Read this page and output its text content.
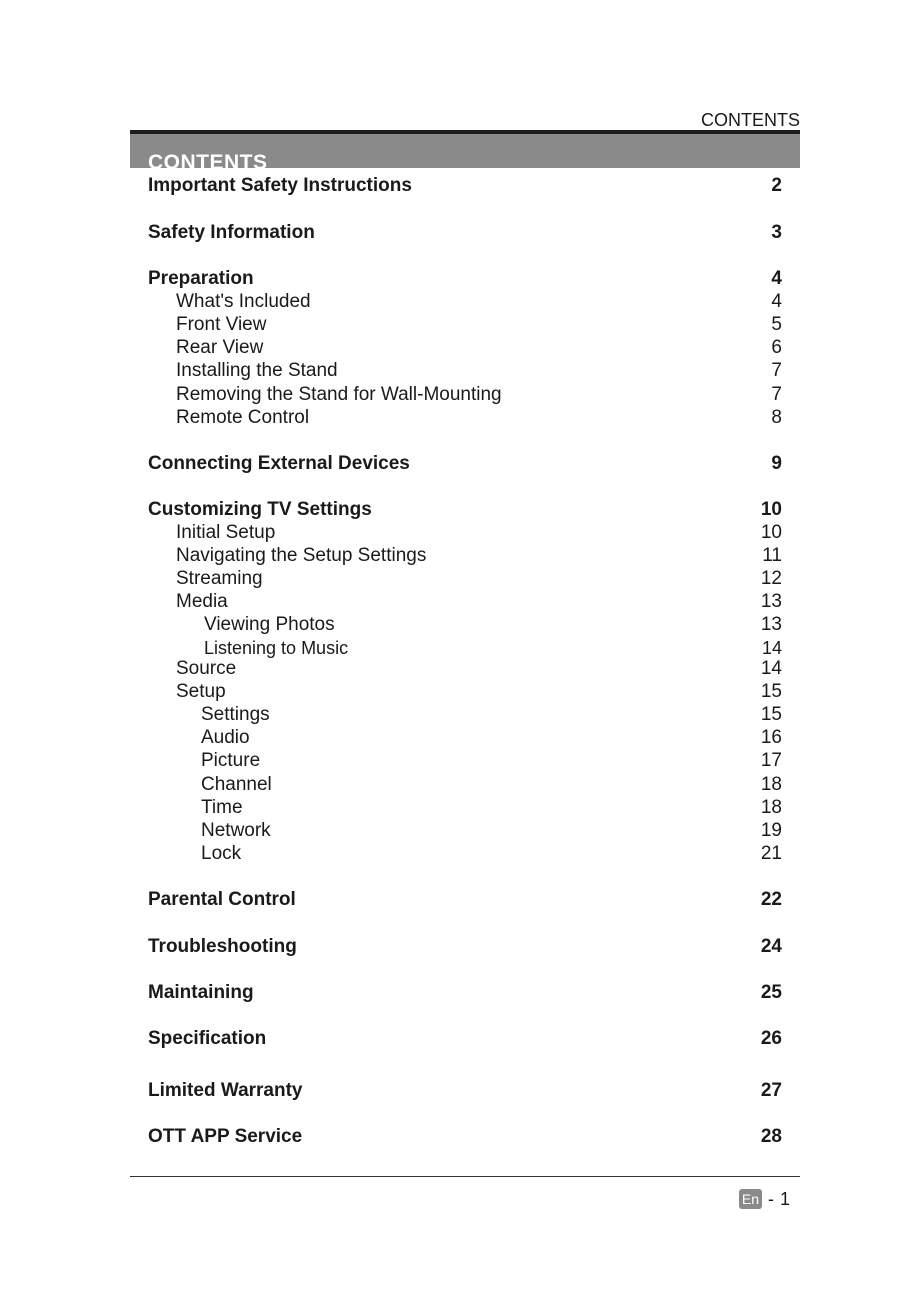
CONTENTS
CONTENTS
Important Safety Instructions	2
Safety Information	3
Preparation	4
What's Included	4
Front View	5
Rear View	6
Installing the Stand	7
Removing the Stand for Wall-Mounting	7
Remote Control	8
Connecting External Devices	9
Customizing TV Settings	10
Initial Setup	10
Navigating the Setup Settings	11
Streaming	12
Media	13
Viewing Photos	13
Listening to Music	14
Source	14
Setup	15
Settings	15
Audio	16
Picture	17
Channel	18
Time	18
Network	19
Lock	21
Parental Control	22
Troubleshooting	24
Maintaining	25
Specification	26
Limited Warranty	27
OTT APP Service	28
En - 1
